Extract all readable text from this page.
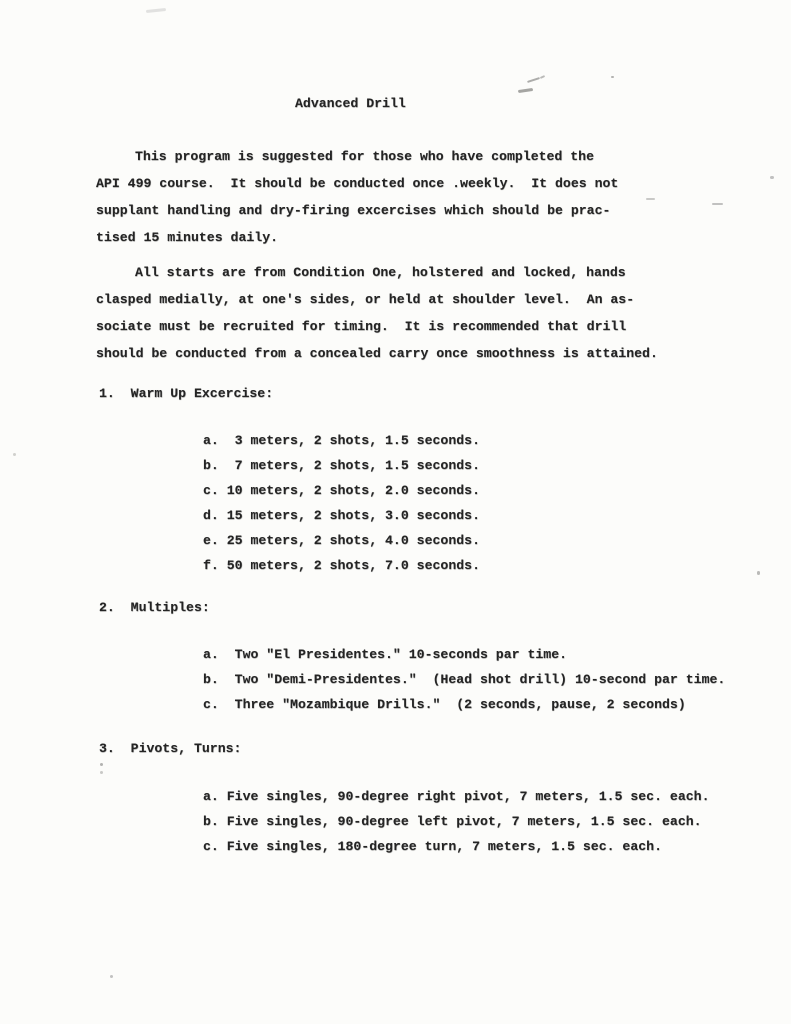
Advanced Drill
This program is suggested for those who have completed the
API 499 course.  It should be conducted once .weekly.  It does not
supplant handling and dry-firing excercises which should be prac-
tised 15 minutes daily.
All starts are from Condition One, holstered and locked, hands
clasped medially, at one's sides, or held at shoulder level.  An as-
sociate must be recruited for timing.  It is recommended that drill
should be conducted from a concealed carry once smoothness is attained.
1.  Warm Up Excercise:
a.  3 meters, 2 shots, 1.5 seconds.
b.  7 meters, 2 shots, 1.5 seconds.
c. 10 meters, 2 shots, 2.0 seconds.
d. 15 meters, 2 shots, 3.0 seconds.
e. 25 meters, 2 shots, 4.0 seconds.
f. 50 meters, 2 shots, 7.0 seconds.
2.  Multiples:
a.  Two "El Presidentes." 10-seconds par time.
b.  Two "Demi-Presidentes."  (Head shot drill) 10-second par time.
c.  Three "Mozambique Drills."  (2 seconds, pause, 2 seconds)
3.  Pivots, Turns:
a. Five singles, 90-degree right pivot, 7 meters, 1.5 sec. each.
b. Five singles, 90-degree left pivot, 7 meters, 1.5 sec. each.
c. Five singles, 180-degree turn, 7 meters, 1.5 sec. each.
